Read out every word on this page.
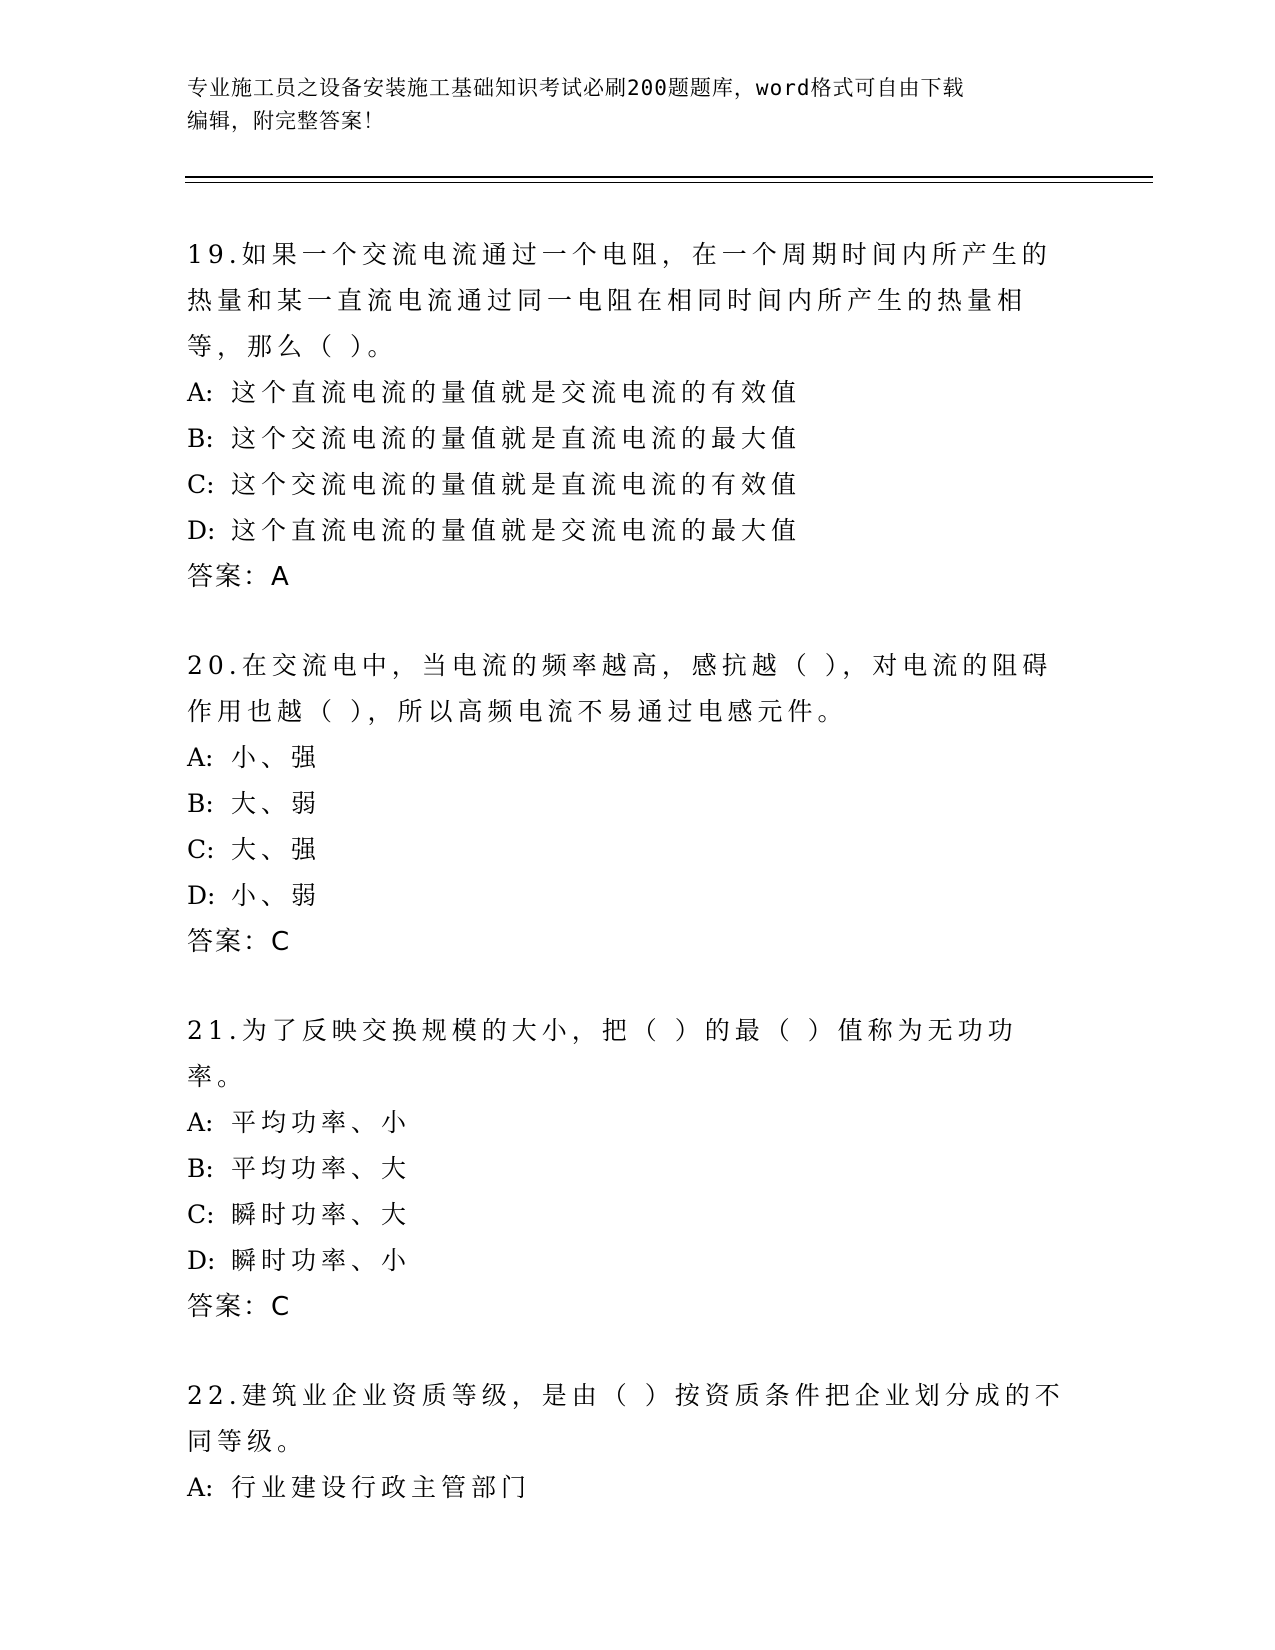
专业施工员之设备安装施工基础知识考试必刷200题题库，word格式可自由下载
编辑，附完整答案！
19.如果一个交流电流通过一个电阻，在一个周期时间内所产生的热量和某一直流电流通过同一电阻在相同时间内所产生的热量相等，那么（ ）。
A: 这个直流电流的量值就是交流电流的有效值
B: 这个交流电流的量值就是直流电流的最大值
C: 这个交流电流的量值就是直流电流的有效值
D: 这个直流电流的量值就是交流电流的最大值
答案：A
20.在交流电中，当电流的频率越高，感抗越（ ），对电流的阻碍作用也越（ ），所以高频电流不易通过电感元件。
A: 小、强
B: 大、弱
C: 大、强
D: 小、弱
答案：C
21.为了反映交换规模的大小，把（ ）的最（ ）值称为无功功率。
A: 平均功率、小
B: 平均功率、大
C: 瞬时功率、大
D: 瞬时功率、小
答案：C
22.建筑业企业资质等级，是由（ ）按资质条件把企业划分成的不同等级。
A: 行业建设行政主管部门
